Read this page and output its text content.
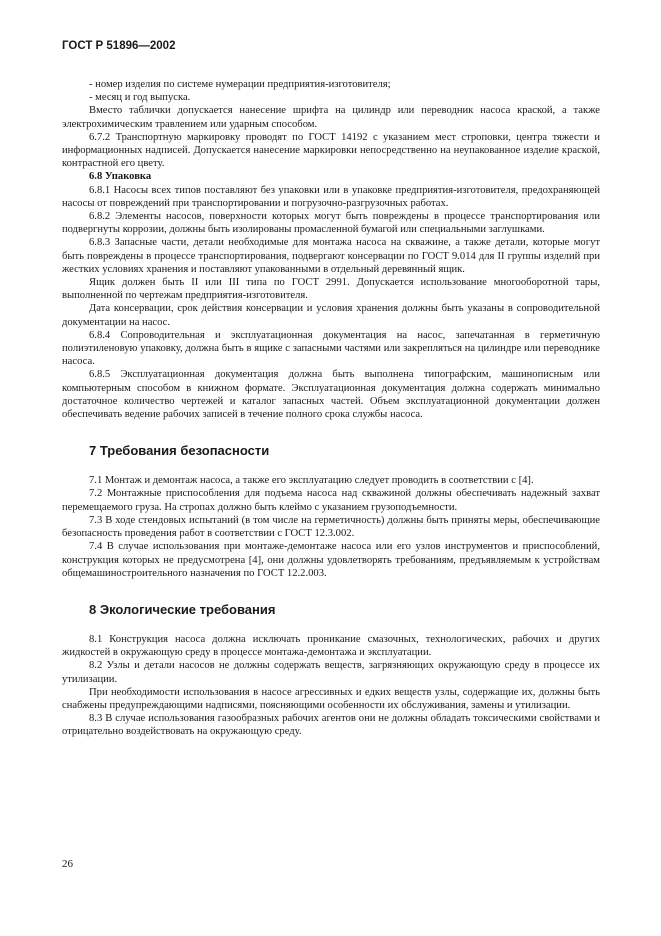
ГОСТ Р 51896—2002

- номер изделия по системе нумерации предприятия-изготовителя;

- месяц и год выпуска.

Вместо таблички допускается нанесение шрифта на цилиндр или переводник насоса краской, а также электрохимическим травлением или ударным способом.

6.7.2 Транспортную маркировку проводят по ГОСТ 14192 с указанием мест строповки, центра тяжести и информационных надписей. Допускается нанесение маркировки непосредственно на неупакованное изделие краской, контрастной его цвету.

6.8 Упаковка

6.8.1 Насосы всех типов поставляют без упаковки или в упаковке предприятия-изготовителя, предохраняющей насосы от повреждений при транспортировании и погрузочно-разгрузочных работах.

6.8.2 Элементы насосов, поверхности которых могут быть повреждены в процессе транспортирования или подвергнуты коррозии, должны быть изолированы промасленной бумагой или специальными заглушками.

6.8.3 Запасные части, детали необходимые для монтажа насоса на скважине, а также детали, которые могут быть повреждены в процессе транспортирования, подвергают консервации по ГОСТ 9.014 для II группы изделий при жестких условиях хранения и поставляют упакованными в отдельный деревянный ящик.

Ящик должен быть II или III типа по ГОСТ 2991. Допускается использование многооборотной тары, выполненной по чертежам предприятия-изготовителя.

Дата консервации, срок действия консервации и условия хранения должны быть указаны в сопроводительной документации на насос.

6.8.4 Сопроводительная и эксплуатационная документация на насос, запечатанная в герметичную полиэтиленовую упаковку, должна быть в ящике с запасными частями или закрепляться на цилиндре или переводнике насоса.

6.8.5 Эксплуатационная документация должна быть выполнена типографским, машинописным или компьютерным способом в книжном формате. Эксплуатационная документация должна содержать минимально достаточное количество чертежей и каталог запасных частей. Объем эксплуатационной документации должен обеспечивать ведение рабочих записей в течение полного срока службы насоса.

7 Требования безопасности

7.1 Монтаж и демонтаж насоса, а также его эксплуатацию следует проводить в соответствии с [4].

7.2 Монтажные приспособления для подъема насоса над скважиной должны обеспечивать надежный захват перемещаемого груза. На стропах должно быть клеймо с указанием грузоподъемности.

7.3 В ходе стендовых испытаний (в том числе на герметичность) должны быть приняты меры, обеспечивающие безопасность проведения работ в соответствии с ГОСТ 12.3.002.

7.4 В случае использования при монтаже-демонтаже насоса или его узлов инструментов и приспособлений, конструкция которых не предусмотрена [4], они должны удовлетворять требованиям, предъявляемым к устройствам общемашиностроительного назначения по ГОСТ 12.2.003.

8 Экологические требования

8.1 Конструкция насоса должна исключать проникание смазочных, технологических, рабочих и других жидкостей в окружающую среду в процессе монтажа-демонтажа и эксплуатации.

8.2 Узлы и детали насосов не должны содержать веществ, загрязняющих окружающую среду в процессе их утилизации.

При необходимости использования в насосе агрессивных и едких веществ узлы, содержащие их, должны быть снабжены предупреждающими надписями, поясняющими особенности их обслуживания, замены и утилизации.

8.3 В случае использования газообразных рабочих агентов они не должны обладать токсическими свойствами и отрицательно воздействовать на окружающую среду.

26
